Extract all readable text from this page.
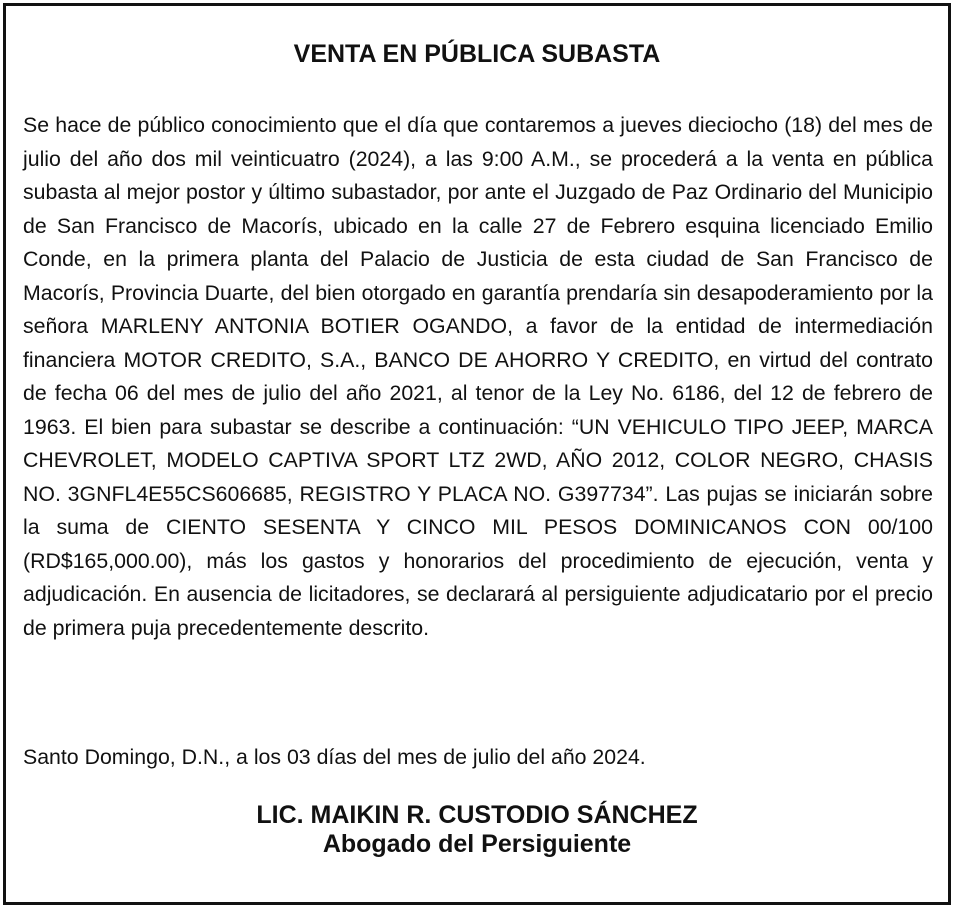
VENTA EN PÚBLICA SUBASTA

Se hace de público conocimiento que el día que contaremos a jueves dieciocho (18) del mes de julio del año dos mil veinticuatro (2024), a las 9:00 A.M., se procederá a la venta en pública subasta al mejor postor y último subastador, por ante el Juzgado de Paz Ordinario del Municipio de San Francisco de Macorís, ubicado en la calle 27 de Febrero esquina licenciado Emilio Conde, en la primera planta del Palacio de Justicia de esta ciudad de San Francisco de Macorís, Provincia Duarte, del bien otorgado en garantía prendaría sin desapoderamiento por la señora MARLENY ANTONIA BOTIER OGANDO, a favor de la entidad de intermediación financiera MOTOR CREDITO, S.A., BANCO DE AHORRO Y CREDITO, en virtud del contrato de fecha 06 del mes de julio del año 2021, al tenor de la Ley No. 6186, del 12 de febrero de 1963. El bien para subastar se describe a continuación: “UN VEHICULO TIPO JEEP, MARCA CHEVROLET, MODELO CAPTIVA SPORT LTZ 2WD, AÑO 2012, COLOR NEGRO, CHASIS NO. 3GNFL4E55CS606685, REGISTRO Y PLACA NO. G397734”. Las pujas se iniciarán sobre la suma de CIENTO SESENTA Y CINCO MIL PESOS DOMINICANOS CON 00/100 (RD$165,000.00), más los gastos y honorarios del procedimiento de ejecución, venta y adjudicación. En ausencia de licitadores, se declarará al persiguiente adjudicatario por el precio de primera puja precedentemente descrito.

Santo Domingo, D.N., a los 03 días del mes de julio del año 2024.

LIC. MAIKIN R. CUSTODIO SÁNCHEZ
Abogado del Persiguiente
